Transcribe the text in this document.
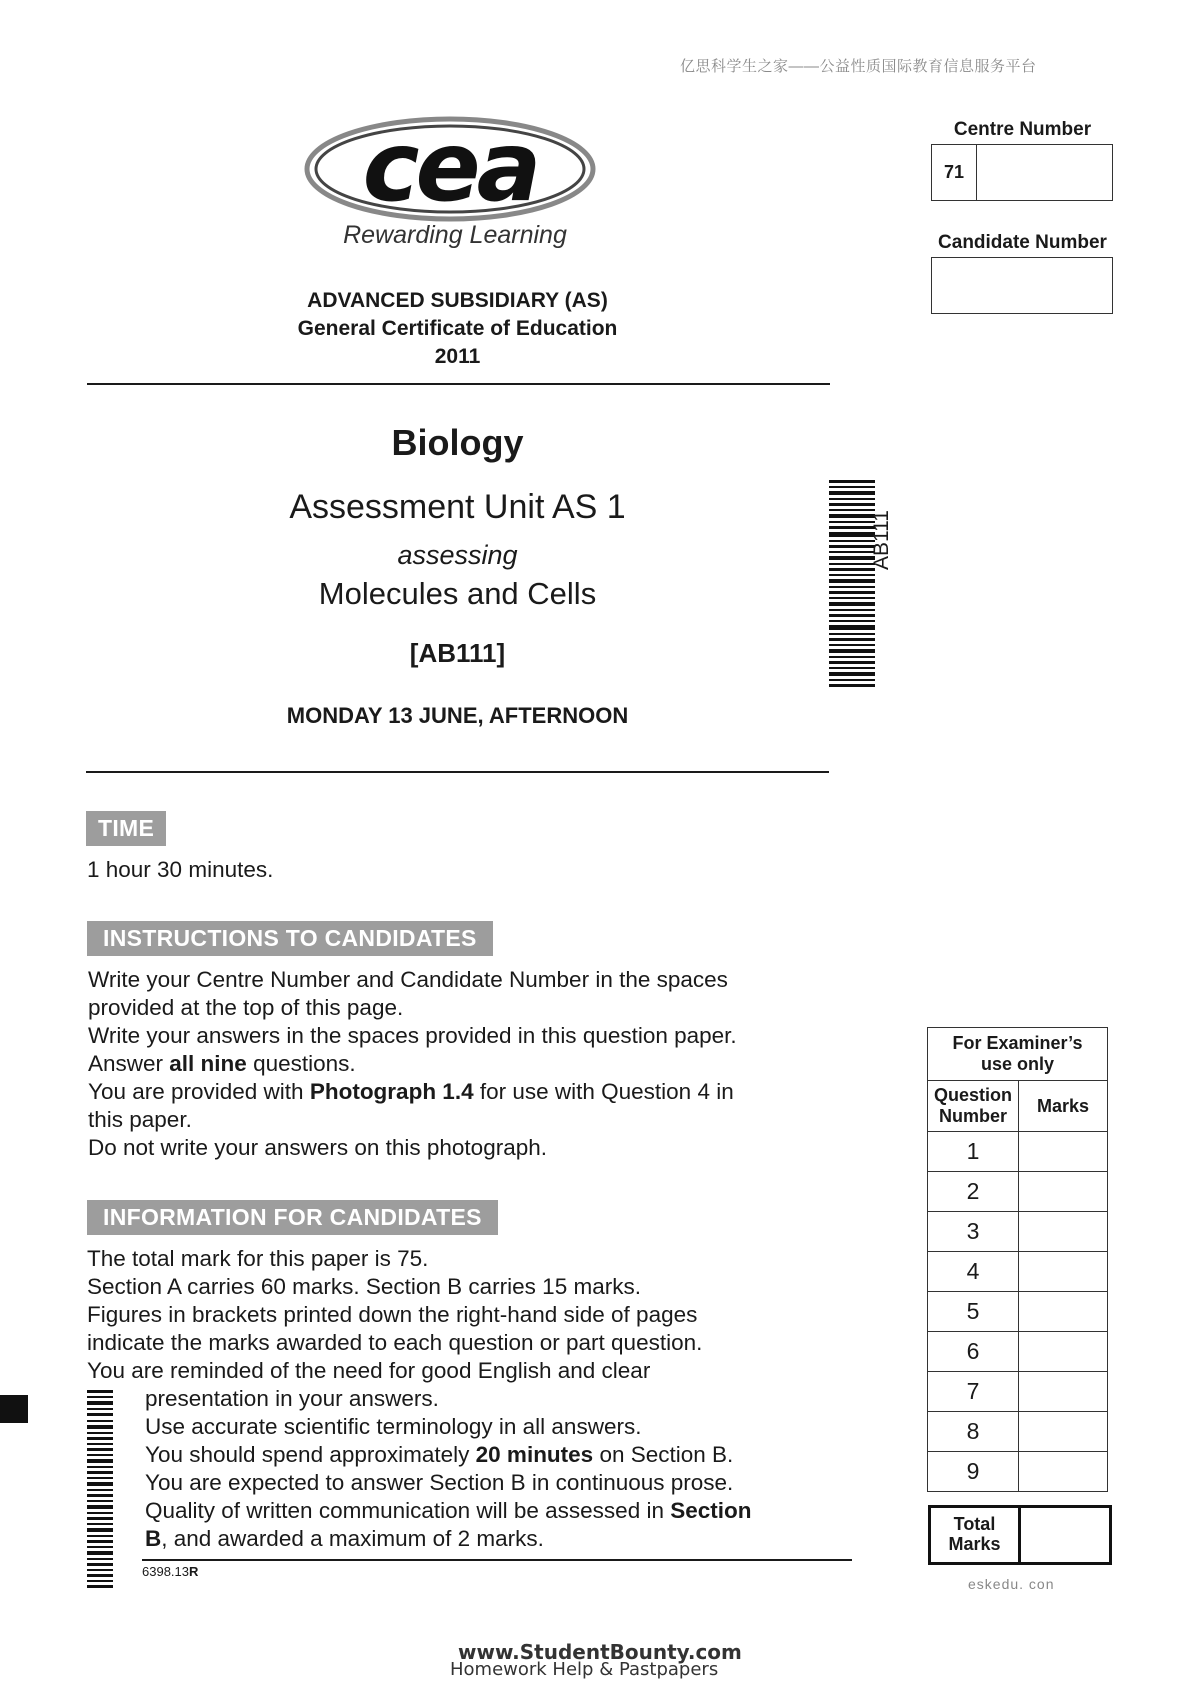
亿思科学生之家——公益性质国际教育信息服务平台
cea
Rewarding Learning
ADVANCED SUBSIDIARY (AS)
General Certificate of Education
2011
Biology
Assessment Unit AS 1
assessing
Molecules and Cells
[AB111]
MONDAY 13 JUNE, AFTERNOON
AB111
Centre Number
71
Candidate Number
TIME
1 hour 30 minutes.
INSTRUCTIONS TO CANDIDATES
Write your Centre Number and Candidate Number in the spaces
provided at the top of this page.
Write your answers in the spaces provided in this question paper.
Answer all nine questions.
You are provided with Photograph 1.4 for use with Question 4 in
this paper.
Do not write your answers on this photograph.
INFORMATION FOR CANDIDATES
The total mark for this paper is 75.
Section A carries 60 marks. Section B carries 15 marks.
Figures in brackets printed down the right-hand side of pages
indicate the marks awarded to each question or part question.
You are reminded of the need for good English and clear
presentation in your answers.
Use accurate scientific terminology in all answers.
You should spend approximately 20 minutes on Section B.
You are expected to answer Section B in continuous prose.
Quality of written communication will be assessed in Section
B, and awarded a maximum of 2 marks.
6398.13R
For Examiner’s
use only	

Question
Number	Marks
1	
2	
3	
4	
5	
6	
7	
8	
9	
Total
Marks
eskedu. con
www.StudentBounty.com
Homework Help & Pastpapers
